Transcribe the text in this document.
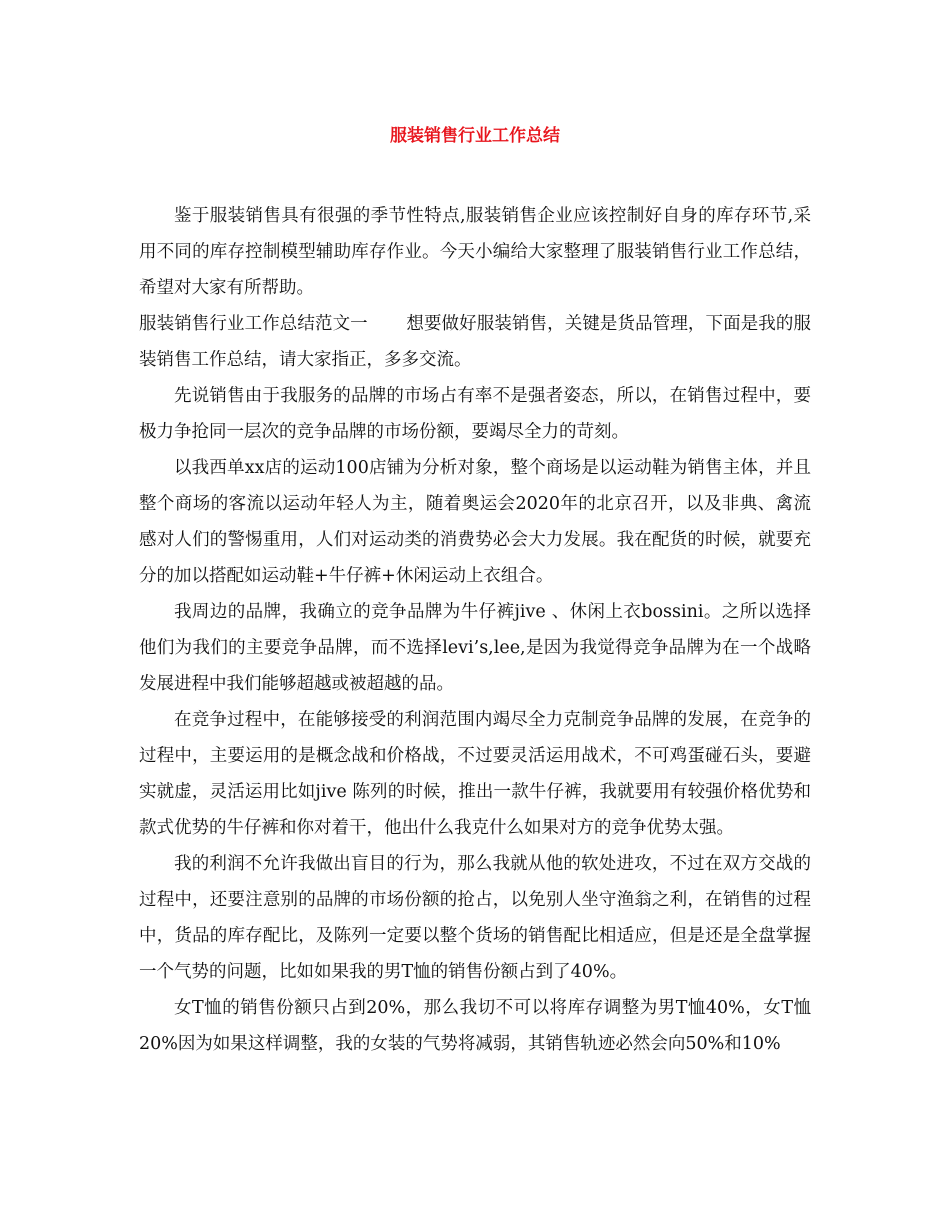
服装销售行业工作总结

鉴于服装销售具有很强的季节性特点,服装销售企业应该控制好自身的库存环节,采用不同的库存控制模型辅助库存作业。今天小编给大家整理了服装销售行业工作总结，希望对大家有所帮助。

服装销售行业工作总结范文一 想要做好服装销售，关键是货品管理，下面是我的服装销售工作总结，请大家指正，多多交流。

先说销售由于我服务的品牌的市场占有率不是强者姿态，所以，在销售过程中，要极力争抢同一层次的竞争品牌的市场份额，要竭尽全力的苛刻。

以我西单xx店的运动100店铺为分析对象，整个商场是以运动鞋为销售主体，并且整个商场的客流以运动年轻人为主，随着奥运会2020年的北京召开，以及非典、禽流感对人们的警惕重用，人们对运动类的消费势必会大力发展。我在配货的时候，就要充分的加以搭配如运动鞋+牛仔裤+休闲运动上衣组合。

我周边的品牌，我确立的竞争品牌为牛仔裤jive 、休闲上衣bossini。之所以选择他们为我们的主要竞争品牌，而不选择levi’s,lee,是因为我觉得竞争品牌为在一个战略发展进程中我们能够超越或被超越的品。

在竞争过程中，在能够接受的利润范围内竭尽全力克制竞争品牌的发展，在竞争的过程中，主要运用的是概念战和价格战，不过要灵活运用战术，不可鸡蛋碰石头，要避实就虚，灵活运用比如jive 陈列的时候，推出一款牛仔裤，我就要用有较强价格优势和款式优势的牛仔裤和你对着干，他出什么我克什么如果对方的竞争优势太强。

我的利润不允许我做出盲目的行为，那么我就从他的软处进攻，不过在双方交战的过程中，还要注意别的品牌的市场份额的抢占，以免别人坐守渔翁之利，在销售的过程中，货品的库存配比，及陈列一定要以整个货场的销售配比相适应，但是还是全盘掌握一个气势的问题，比如如果我的男T恤的销售份额占到了40%。

女T恤的销售份额只占到20%，那么我切不可以将库存调整为男T恤40%，女T恤20%因为如果这样调整，我的女装的气势将减弱，其销售轨迹必然会向50%和10%
